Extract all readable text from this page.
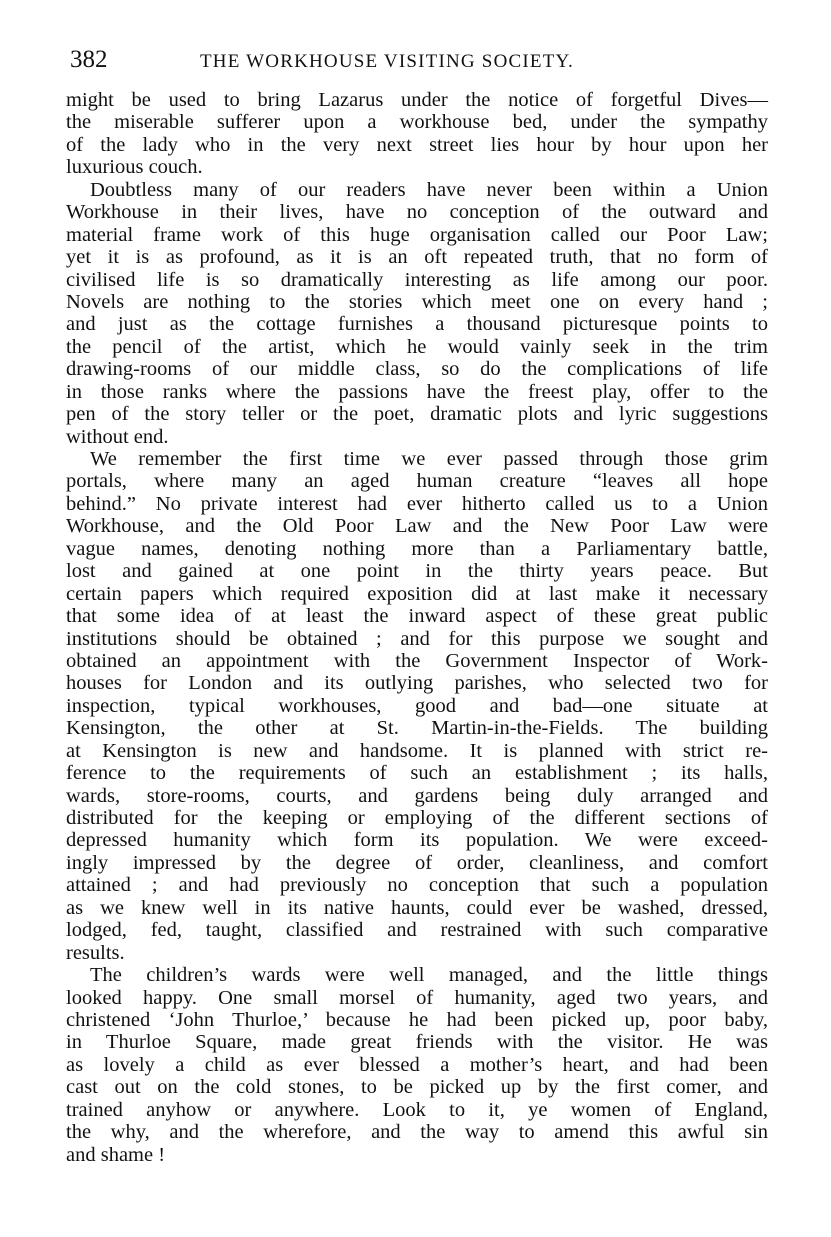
382	THE WORKHOUSE VISITING SOCIETY.
might be used to bring Lazarus under the notice of forgetful Dives—
the miserable sufferer upon a workhouse bed, under the sympathy
of the lady who in the very next street lies hour by hour upon her
luxurious couch.
Doubtless many of our readers have never been within a Union
Workhouse in their lives, have no conception of the outward and
material frame work of this huge organisation called our Poor Law;
yet it is as profound, as it is an oft repeated truth, that no form of
civilised life is so dramatically interesting as life among our poor.
Novels are nothing to the stories which meet one on every hand ;
and just as the cottage furnishes a thousand picturesque points to
the pencil of the artist, which he would vainly seek in the trim
drawing-rooms of our middle class, so do the complications of life
in those ranks where the passions have the freest play, offer to the
pen of the story teller or the poet, dramatic plots and lyric suggestions
without end.
We remember the first time we ever passed through those grim
portals, where many an aged human creature “leaves all hope
behind.” No private interest had ever hitherto called us to a Union
Workhouse, and the Old Poor Law and the New Poor Law were
vague names, denoting nothing more than a Parliamentary battle,
lost and gained at one point in the thirty years peace. But
certain papers which required exposition did at last make it necessary
that some idea of at least the inward aspect of these great public
institutions should be obtained ; and for this purpose we sought and
obtained an appointment with the Government Inspector of Work-
houses for London and its outlying parishes, who selected two for
inspection, typical workhouses, good and bad—one situate at
Kensington, the other at St. Martin-in-the-Fields. The building
at Kensington is new and handsome. It is planned with strict re-
ference to the requirements of such an establishment ; its halls,
wards, store-rooms, courts, and gardens being duly arranged and
distributed for the keeping or employing of the different sections of
depressed humanity which form its population. We were exceed-
ingly impressed by the degree of order, cleanliness, and comfort
attained ; and had previously no conception that such a population
as we knew well in its native haunts, could ever be washed, dressed,
lodged, fed, taught, classified and restrained with such comparative
results.
The children’s wards were well managed, and the little things
looked happy. One small morsel of humanity, aged two years, and
christened ‘John Thurloe,’ because he had been picked up, poor baby,
in Thurloe Square, made great friends with the visitor. He was
as lovely a child as ever blessed a mother’s heart, and had been
cast out on the cold stones, to be picked up by the first comer, and
trained anyhow or anywhere. Look to it, ye women of England,
the why, and the wherefore, and the way to amend this awful sin
and shame !
